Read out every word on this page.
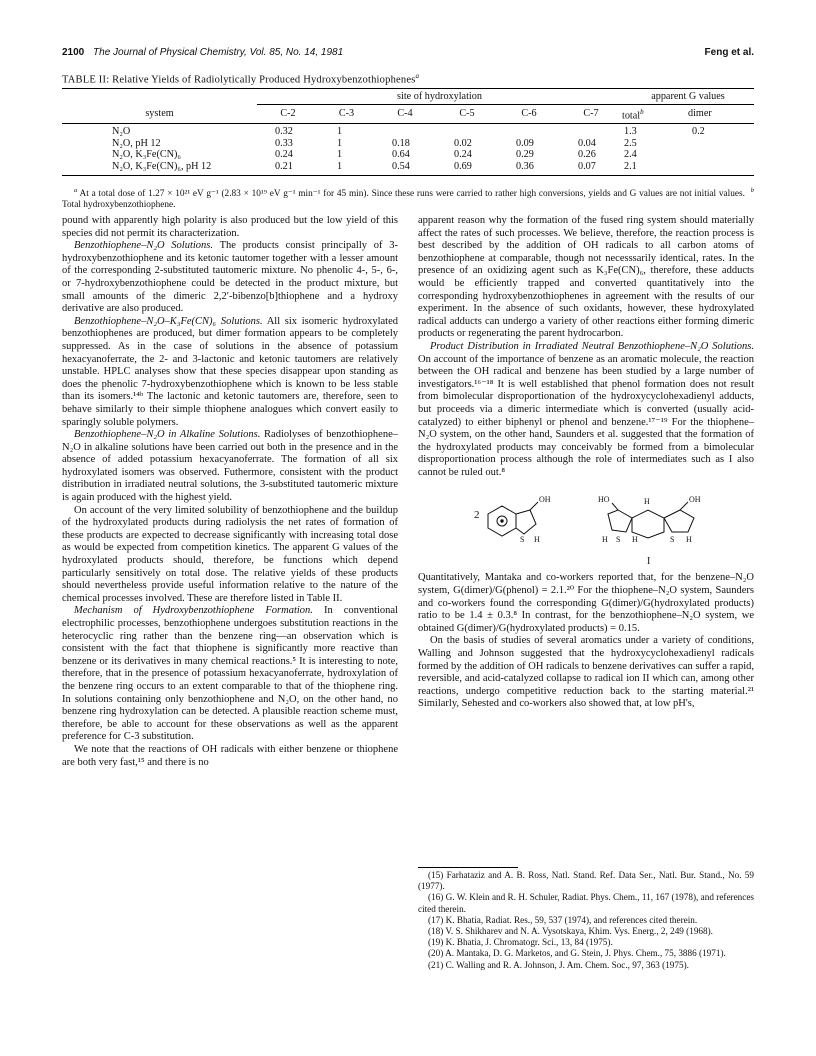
2100 The Journal of Physical Chemistry, Vol. 85, No. 14, 1981	Feng et al.
TABLE II: Relative Yields of Radiolytically Produced Hydroxybenzothiophenes$^a$
	site of hydroxylation						apparent G values	
system	C-2	C-3	C-4	C-5	C-6	C-7	total$^b$	dimer
N₂O	0.32	1					1.3	0.2
N₂O, pH 12	0.33	1	0.18	0.02	0.09	0.04	2.5	
N₂O, K₃Fe(CN)₆	0.24	1	0.64	0.24	0.29	0.26	2.4	
N₂O, K₃Fe(CN)₆, pH 12	0.21	1	0.54	0.69	0.36	0.07	2.1	
$^a$ At a total dose of 1.27 × 10²¹ eV g⁻¹ (2.83 × 10¹⁹ eV g⁻¹ min⁻¹ for 45 min). Since these runs were carried to rather high conversions, yields and G values are not initial values. $^b$ Total hydroxybenzothiophene.

pound with apparently high polarity is also produced but the low yield of this species did not permit its characterization.

Benzothiophene–N₂O Solutions. The products consist principally of 3-hydroxybenzothiophene and its ketonic tautomer together with a lesser amount of the corresponding 2-substituted tautomeric mixture. No phenolic 4-, 5-, 6-, or 7-hydroxybenzothiophene could be detected in the product mixture, but small amounts of the dimeric 2,2′-bibenzo[b]thiophene and a hydroxy derivative are also produced.

Benzothiophene–N₂O–K₃Fe(CN)₆ Solutions. All six isomeric hydroxylated benzothiophenes are produced, but dimer formation appears to be completely suppressed. As in the case of solutions in the absence of potassium hexacyanoferrate, the 2- and 3-lactonic and ketonic tautomers are relatively unstable. HPLC analyses show that these species disappear upon standing as does the phenolic 7-hydroxybenzothiophene which is known to be less stable than its isomers.¹⁴ᵇ The lactonic and ketonic tautomers are, therefore, seen to behave similarly to their simple thiophene analogues which convert easily to sparingly soluble polymers.

Benzothiophene–N₂O in Alkaline Solutions. Radiolyses of benzothiophene–N₂O in alkaline solutions have been carried out both in the presence and in the absence of added potassium hexacyanoferrate. The formation of all six hydroxylated isomers was observed. Futhermore, consistent with the product distribution in irradiated neutral solutions, the 3-substituted tautomeric mixture is again produced with the highest yield.

On account of the very limited solubility of benzothiophene and the buildup of the hydroxylated products during radiolysis the net rates of formation of these products are expected to decrease significantly with increasing total dose as would be expected from competition kinetics. The apparent G values of the hydroxylated products should, therefore, be functions which depend particularly sensitively on total dose. The relative yields of these products should nevertheless provide useful information relative to the nature of the chemical processes involved. These are therefore listed in Table II.

Mechanism of Hydroxybenzothiophene Formation. In conventional electrophilic processes, benzothiophene undergoes substitution reactions in the heterocyclic ring rather than the benzene ring—an observation which is consistent with the fact that thiophene is significantly more reactive than benzene or its derivatives in many chemical reactions.⁵ It is interesting to note, therefore, that in the presence of potassium hexacyanoferrate, hydroxylation of the benzene ring occurs to an extent comparable to that of the thiophene ring. In solutions containing only benzothiophene and N₂O, on the other hand, no benzene ring hydroxylation can be detected. A plausible reaction scheme must, therefore, be able to account for these observations as well as the apparent preference for C-3 substitution.

We note that the reactions of OH radicals with either benzene or thiophene are both very fast,¹⁵ and there is no

apparent reason why the formation of the fused ring system should materially affect the rates of such processes. We believe, therefore, the reaction process is best described by the addition of OH radicals to all carbon atoms of benzothiophene at comparable, though not necesssarily identical, rates. In the presence of an oxidizing agent such as K₃Fe(CN)₆, therefore, these adducts would be efficiently trapped and converted quantitatively into the corresponding hydroxybenzothiophenes in agreement with the results of our experiment. In the absence of such oxidants, however, these hydroxylated radical adducts can undergo a variety of other reactions either forming dimeric products or regenerating the parent hydrocarbon.

Product Distribution in Irradiated Neutral Benzothiophene–N₂O Solutions. On account of the importance of benzene as an aromatic molecule, the reaction between the OH radical and benzene has been studied by a large number of investigators.¹⁶⁻¹⁸ It is well established that phenol formation does not result from bimolecular disproportionation of the hydroxycyclohexadienyl adducts, but proceeds via a dimeric intermediate which is converted (usually acid-catalyzed) to either biphenyl or phenol and benzene.¹⁷⁻¹⁹ For the thiophene–N₂O system, on the other hand, Saunders et al. suggested that the formation of the hydroxylated products may conceivably be formed from a bimolecular disproportionation process although the role of intermediates such as I also cannot be ruled out.⁸

2
OH
S H
HO	OH
H
H S H	S H
I

Quantitatively, Mantaka and co-workers reported that, for the benzene–N₂O system, G(dimer)/G(phenol) = 2.1.²⁰ For the thiophene–N₂O system, Saunders and co-workers found the corresponding G(dimer)/G(hydroxylated products) ratio to be 1.4 ± 0.3.⁸ In contrast, for the benzothiophene–N₂O system, we obtained G(dimer)/G(hydroxylated products) = 0.15.

On the basis of studies of several aromatics under a variety of conditions, Walling and Johnson suggested that the hydroxycyclohexadienyl radicals formed by the addition of OH radicals to benzene derivatives can suffer a rapid, reversible, and acid-catalyzed collapse to radical ion II which can, among other reactions, undergo competitive reduction back to the starting material.²¹ Similarly, Sehested and co-workers also showed that, at low pH's,

(15) Farhataziz and A. B. Ross, Natl. Stand. Ref. Data Ser., Natl. Bur. Stand., No. 59 (1977).

(16) G. W. Klein and R. H. Schuler, Radiat. Phys. Chem., 11, 167 (1978), and references cited therein.

(17) K. Bhatia, Radiat. Res., 59, 537 (1974), and references cited therein.

(18) V. S. Shikharev and N. A. Vysotskaya, Khim. Vys. Energ., 2, 249 (1968).

(19) K. Bhatia, J. Chromatogr. Sci., 13, 84 (1975).

(20) A. Mantaka, D. G. Marketos, and G. Stein, J. Phys. Chem., 75, 3886 (1971).

(21) C. Walling and R. A. Johnson, J. Am. Chem. Soc., 97, 363 (1975).
